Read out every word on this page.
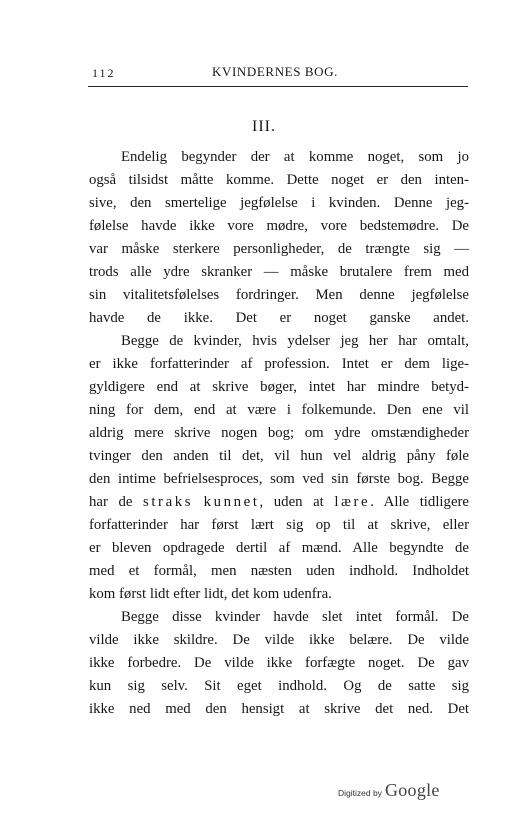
112	KVINDERNES BOG.

III.
Endelig begynder der at komme noget, som jo
også tilsidst måtte komme. Dette noget er den inten-
sive, den smertelige jegfølelse i kvinden. Denne jeg-
følelse havde ikke vore mødre, vore bedstemødre. De
var måske sterkere personligheder, de trængte sig —
trods alle ydre skranker — måske brutalere frem med
sin vitalitetsfølelses fordringer. Men denne jegfølelse
havde de ikke. Det er noget ganske andet.
Begge de kvinder, hvis ydelser jeg her har omtalt,
er ikke forfatterinder af profession. Intet er dem lige-
gyldigere end at skrive bøger, intet har mindre betyd-
ning for dem, end at være i folkemunde. Den ene vil
aldrig mere skrive nogen bog; om ydre omstændigheder
tvinger den anden til det, vil hun vel aldrig påny føle
den intime befrielsesproces, som ved sin første bog. Begge
har de straks kunnet, uden at lære. Alle tidligere
forfatterinder har først lært sig op til at skrive, eller
er bleven opdragede dertil af mænd. Alle begyndte de
med et formål, men næsten uden indhold. Indholdet
kom først lidt efter lidt, det kom udenfra.
Begge disse kvinder havde slet intet formål. De
vilde ikke skildre. De vilde ikke belære. De vilde
ikke forbedre. De vilde ikke forfægte noget. De gav
kun sig selv. Sit eget indhold. Og de satte sig
ikke ned med den hensigt at skrive det ned. Det
Digitized by Google
